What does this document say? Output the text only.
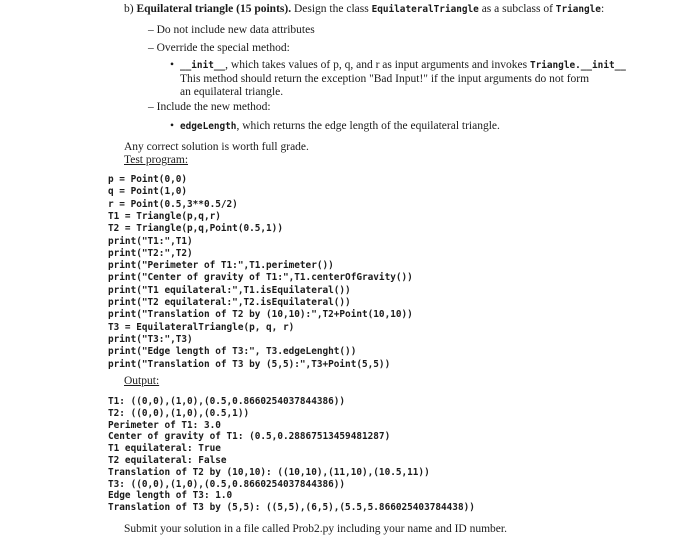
b) Equilateral triangle (15 points). Design the class EquilateralTriangle as a subclass of Triangle:
– Do not include new data attributes
– Override the special method:
• __init__, which takes values of p, q, and r as input arguments and invokes Triangle.__init__
This method should return the exception "Bad Input!" if the input arguments do not form
an equilateral triangle.
– Include the new method:
• edgeLength, which returns the edge length of the equilateral triangle.
Any correct solution is worth full grade.
Test program:
p = Point(0,0)
q = Point(1,0)
r = Point(0.5,3**0.5/2)
T1 = Triangle(p,q,r)
T2 = Triangle(p,q,Point(0.5,1))
print("T1:",T1)
print("T2:",T2)
print("Perimeter of T1:",T1.perimeter())
print("Center of gravity of T1:",T1.centerOfGravity())
print("T1 equilateral:",T1.isEquilateral())
print("T2 equilateral:",T2.isEquilateral())
print("Translation of T2 by (10,10):",T2+Point(10,10))
T3 = EquilateralTriangle(p, q, r)
print("T3:",T3)
print("Edge length of T3:", T3.edgeLenght())
print("Translation of T3 by (5,5):",T3+Point(5,5))
Output:
T1: ((0,0),(1,0),(0.5,0.8660254037844386))
T2: ((0,0),(1,0),(0.5,1))
Perimeter of T1: 3.0
Center of gravity of T1: (0.5,0.28867513459481287)
T1 equilateral: True
T2 equilateral: False
Translation of T2 by (10,10): ((10,10),(11,10),(10.5,11))
T3: ((0,0),(1,0),(0.5,0.8660254037844386))
Edge length of T3: 1.0
Translation of T3 by (5,5): ((5,5),(6,5),(5.5,5.866025403784438))
Submit your solution in a file called Prob2.py including your name and ID number.
